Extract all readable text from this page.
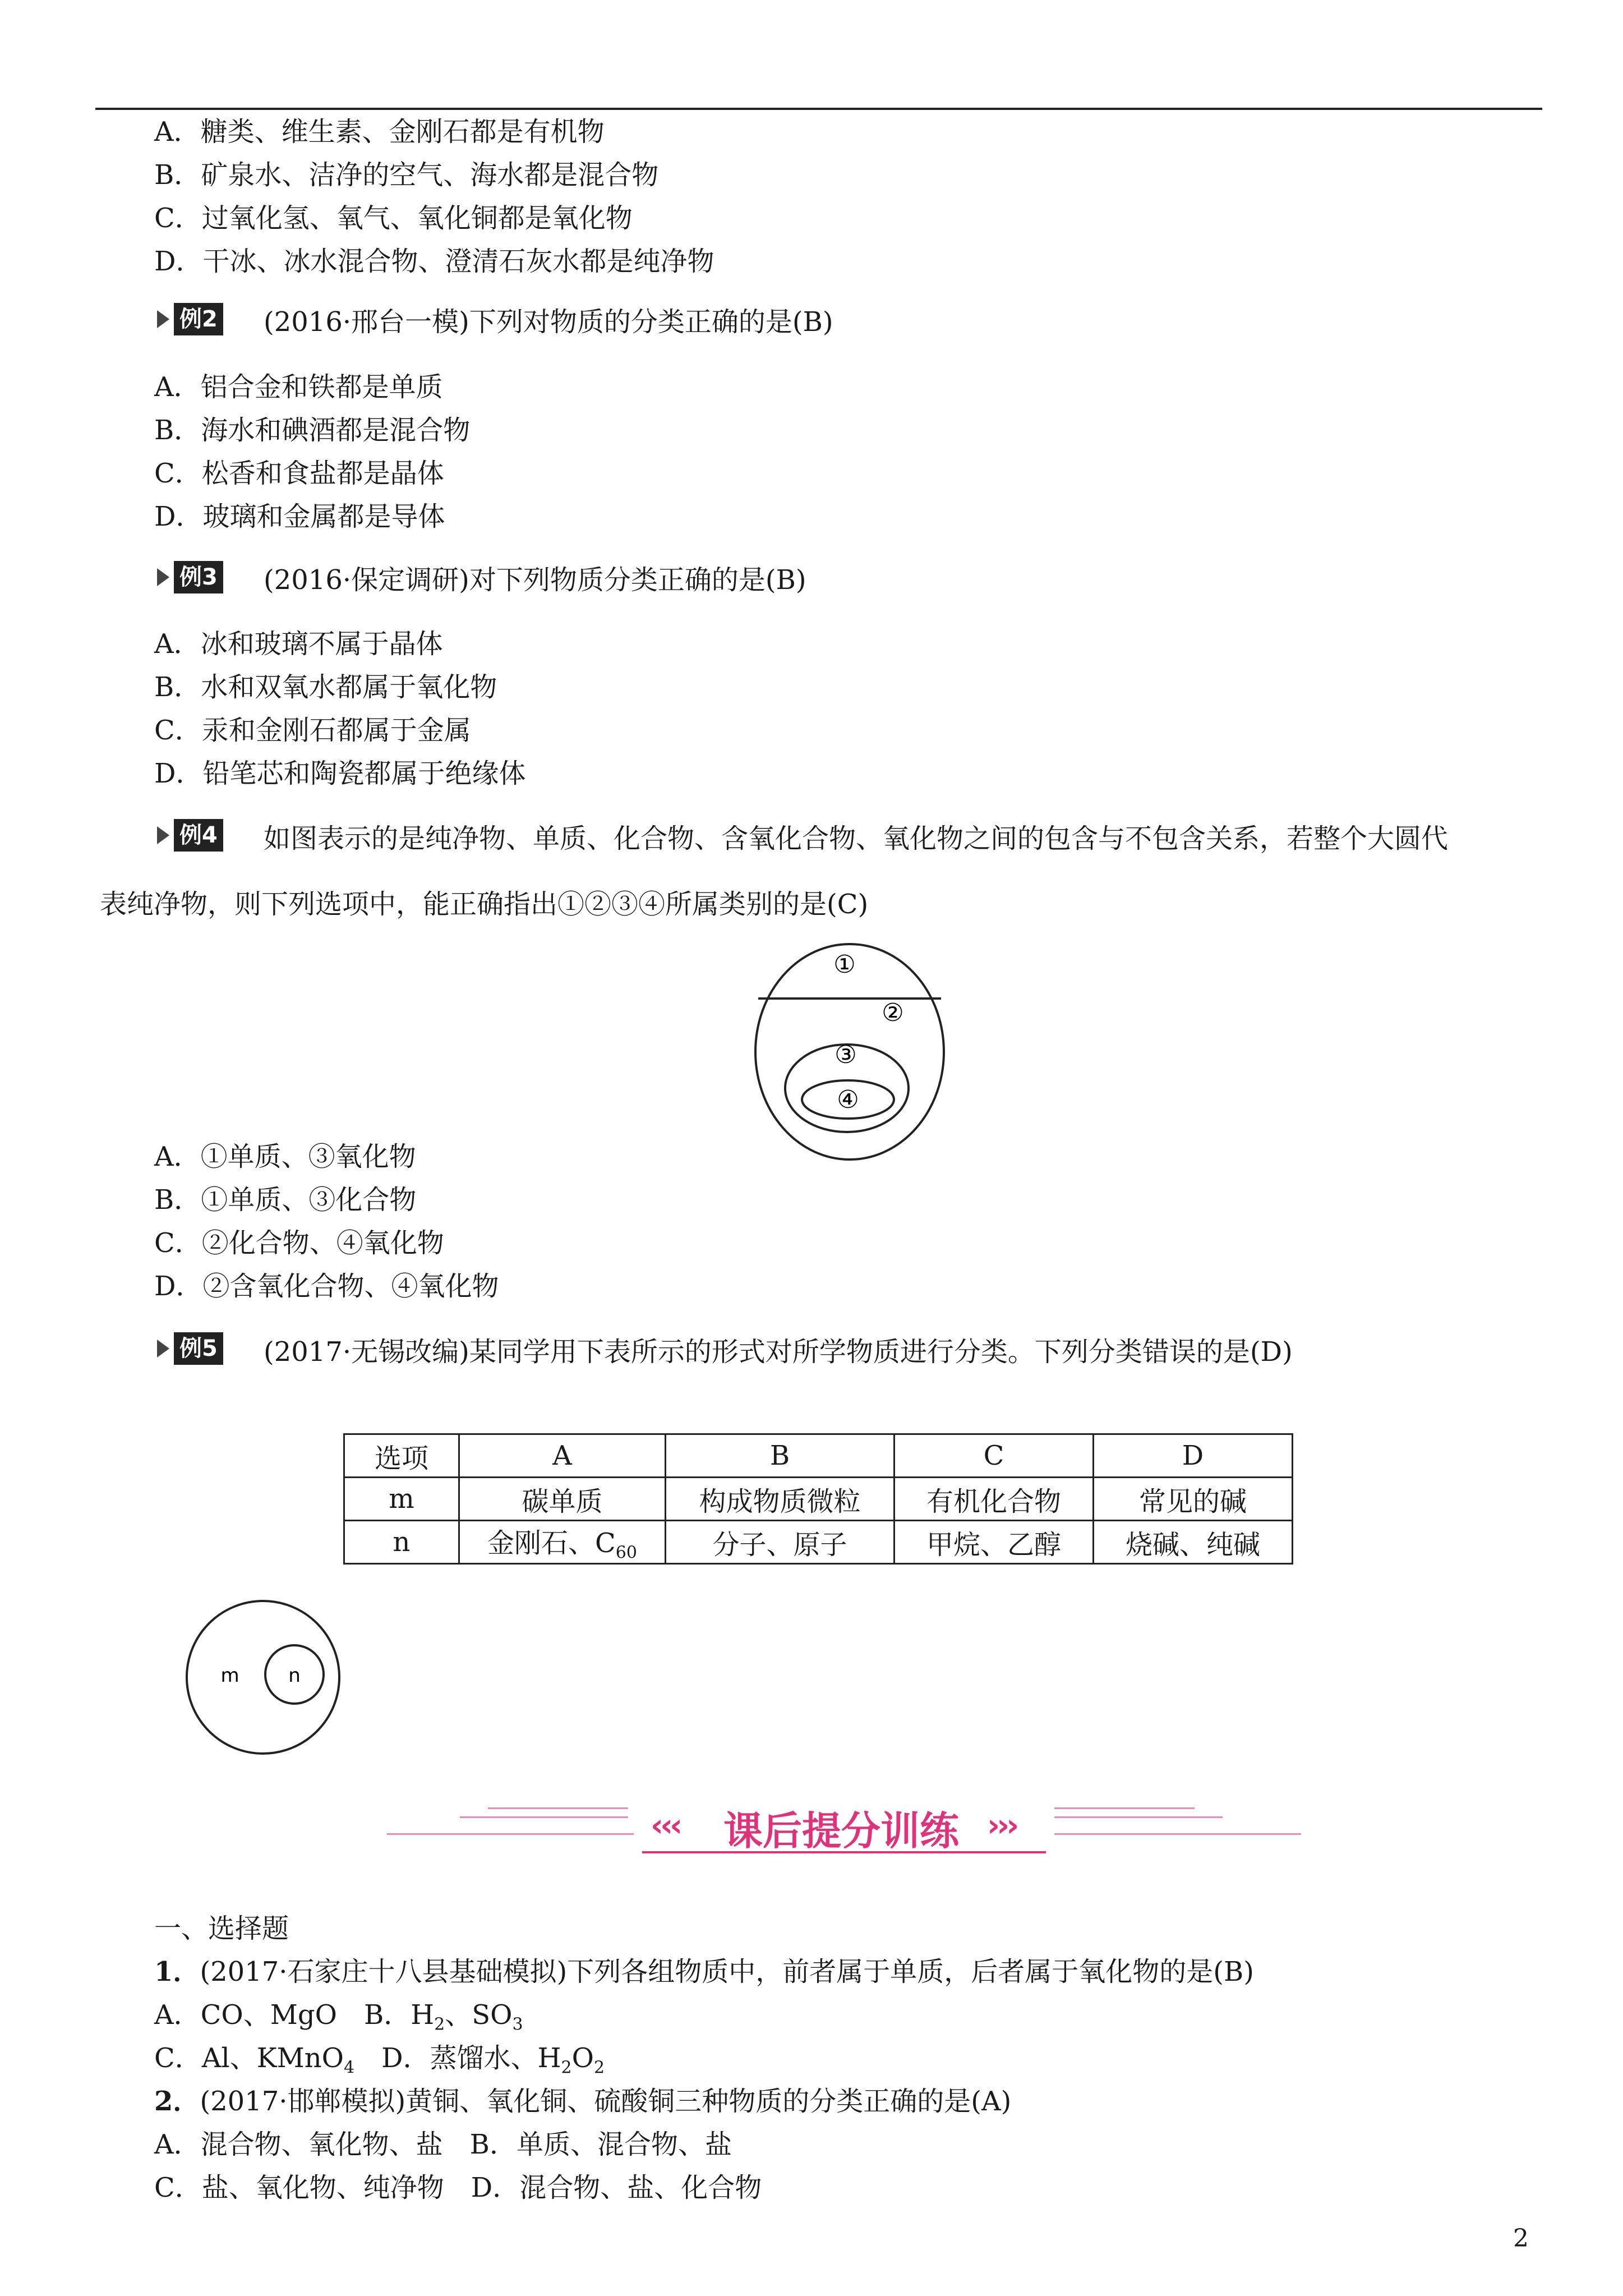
A．糖类、维生素、金刚石都是有机物
B．矿泉水、洁净的空气、海水都是混合物
C．过氧化氢、氧气、氧化铜都是氧化物
D．干冰、冰水混合物、澄清石灰水都是纯净物
例2 (2016·邢台一模)下列对物质的分类正确的是(B)
A．铝合金和铁都是单质
B．海水和碘酒都是混合物
C．松香和食盐都是晶体
D．玻璃和金属都是导体
例3 (2016·保定调研)对下列物质分类正确的是(B)
A．冰和玻璃不属于晶体
B．水和双氧水都属于氧化物
C．汞和金刚石都属于金属
D．铅笔芯和陶瓷都属于绝缘体
例4 如图表示的是纯净物、单质、化合物、含氧化合物、氧化物之间的包含与不包含关系，若整个大圆代
表纯净物，则下列选项中，能正确指出①②③④所属类别的是(C)
①
②
③
④
A．①单质、③氧化物
B．①单质、③化合物
C．②化合物、④氧化物
D．②含氧化合物、④氧化物
例5 (2017·无锡改编)某同学用下表所示的形式对所学物质进行分类。下列分类错误的是(D)
选项	A	B	C	D
m	碳单质	构成物质微粒	有机化合物	常见的碱
n	金刚石、$C_{60}$	分子、原子	甲烷、乙醇	烧碱、纯碱
m	n
‹‹‹ 课后提分训练 ›››
一、选择题
1．(2017·石家庄十八县基础模拟)下列各组物质中，前者属于单质，后者属于氧化物的是(B)
A．CO、MgO　B．$H_2$、$SO_3$
C．Al、KMnO$_4$　D．蒸馏水、$H_2O_2$
2．(2017·邯郸模拟)黄铜、氧化铜、硫酸铜三种物质的分类正确的是(A)
A．混合物、氧化物、盐　B．单质、混合物、盐
C．盐、氧化物、纯净物　D．混合物、盐、化合物
2
